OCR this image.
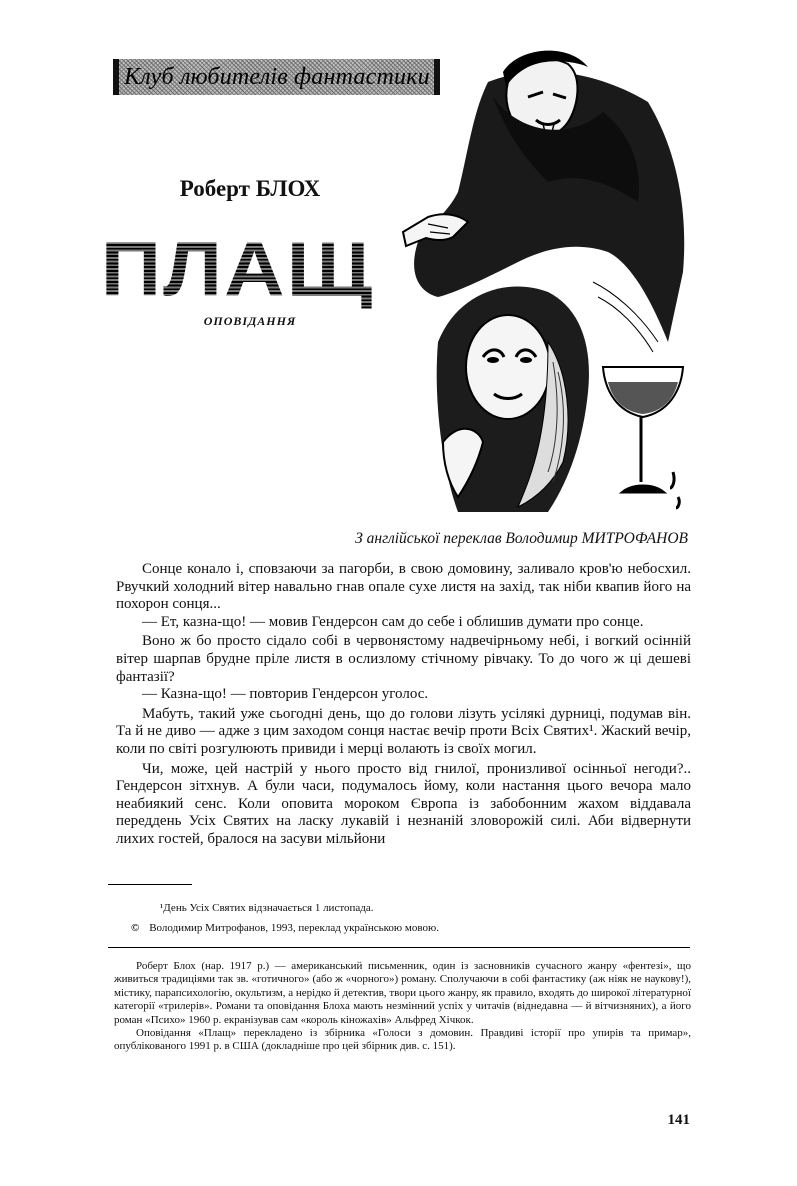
Клуб любителів фантастики
Роберт БЛОХ
ПЛАЩ
ОПОВІДАННЯ
З англійської переклав Володимир МИТРОФАНОВ

Сонце конало і, сповзаючи за пагорби, в свою домовину, заливало кров'ю небосхил. Рвучкий холодний вітер навально гнав опале сухе листя на захід, так ніби квапив його на похорон сонця...

— Ет, казна-що! — мовив Гендерсон сам до себе і облишив думати про сонце.

Воно ж бо просто сідало собі в червонястому надвечірньому небі, і вогкий осінній вітер шарпав брудне пріле листя в ослизлому стічному рівчаку. То до чого ж ці дешеві фантазії?

— Казна-що! — повторив Гендерсон уголос.

Мабуть, такий уже сьогодні день, що до голови лізуть усілякі дурниці, подумав він. Та й не диво — адже з цим заходом сонця настає вечір проти Всіх Святих¹. Жаский вечір, коли по світі розгулюють привиди і мерці волають із своїх могил.

Чи, може, цей настрій у нього просто від гнилої, пронизливої осінньої негоди?.. Гендерсон зітхнув. А були часи, подумалось йому, коли настання цього вечора мало неабиякий сенс. Коли оповита мороком Європа із забобонним жахом віддавала переддень Усіх Святих на ласку лукавій і незнаній зловорожій силі. Аби відвернути лихих гостей, бралося на засуви мільйони

¹День Усіх Святих відзначається 1 листопада.
© Володимир Митрофанов, 1993, переклад українською мовою.

Роберт Блох (нар. 1917 р.) — американський письменник, один із засновників сучасного жанру «фентезі», що живиться традиціями так зв. «готичного» (або ж «чорного») роману. Сполучаючи в собі фантастику (аж ніяк не наукову!), містику, парапсихологію, окультизм, а нерідко й детектив, твори цього жанру, як правило, входять до широкої літературної категорії «трилерів». Романи та оповідання Блоха мають незмінний успіх у читачів (віднедавна — й вітчизняних), а його роман «Психо» 1960 р. екранізував сам «король кіножахів» Альфред Хічкок.

Оповідання «Плащ» перекладено із збірника «Голоси з домовин. Правдиві історії про упирів та примар», опублікованого 1991 р. в США (докладніше про цей збірник див. с. 151).

141
